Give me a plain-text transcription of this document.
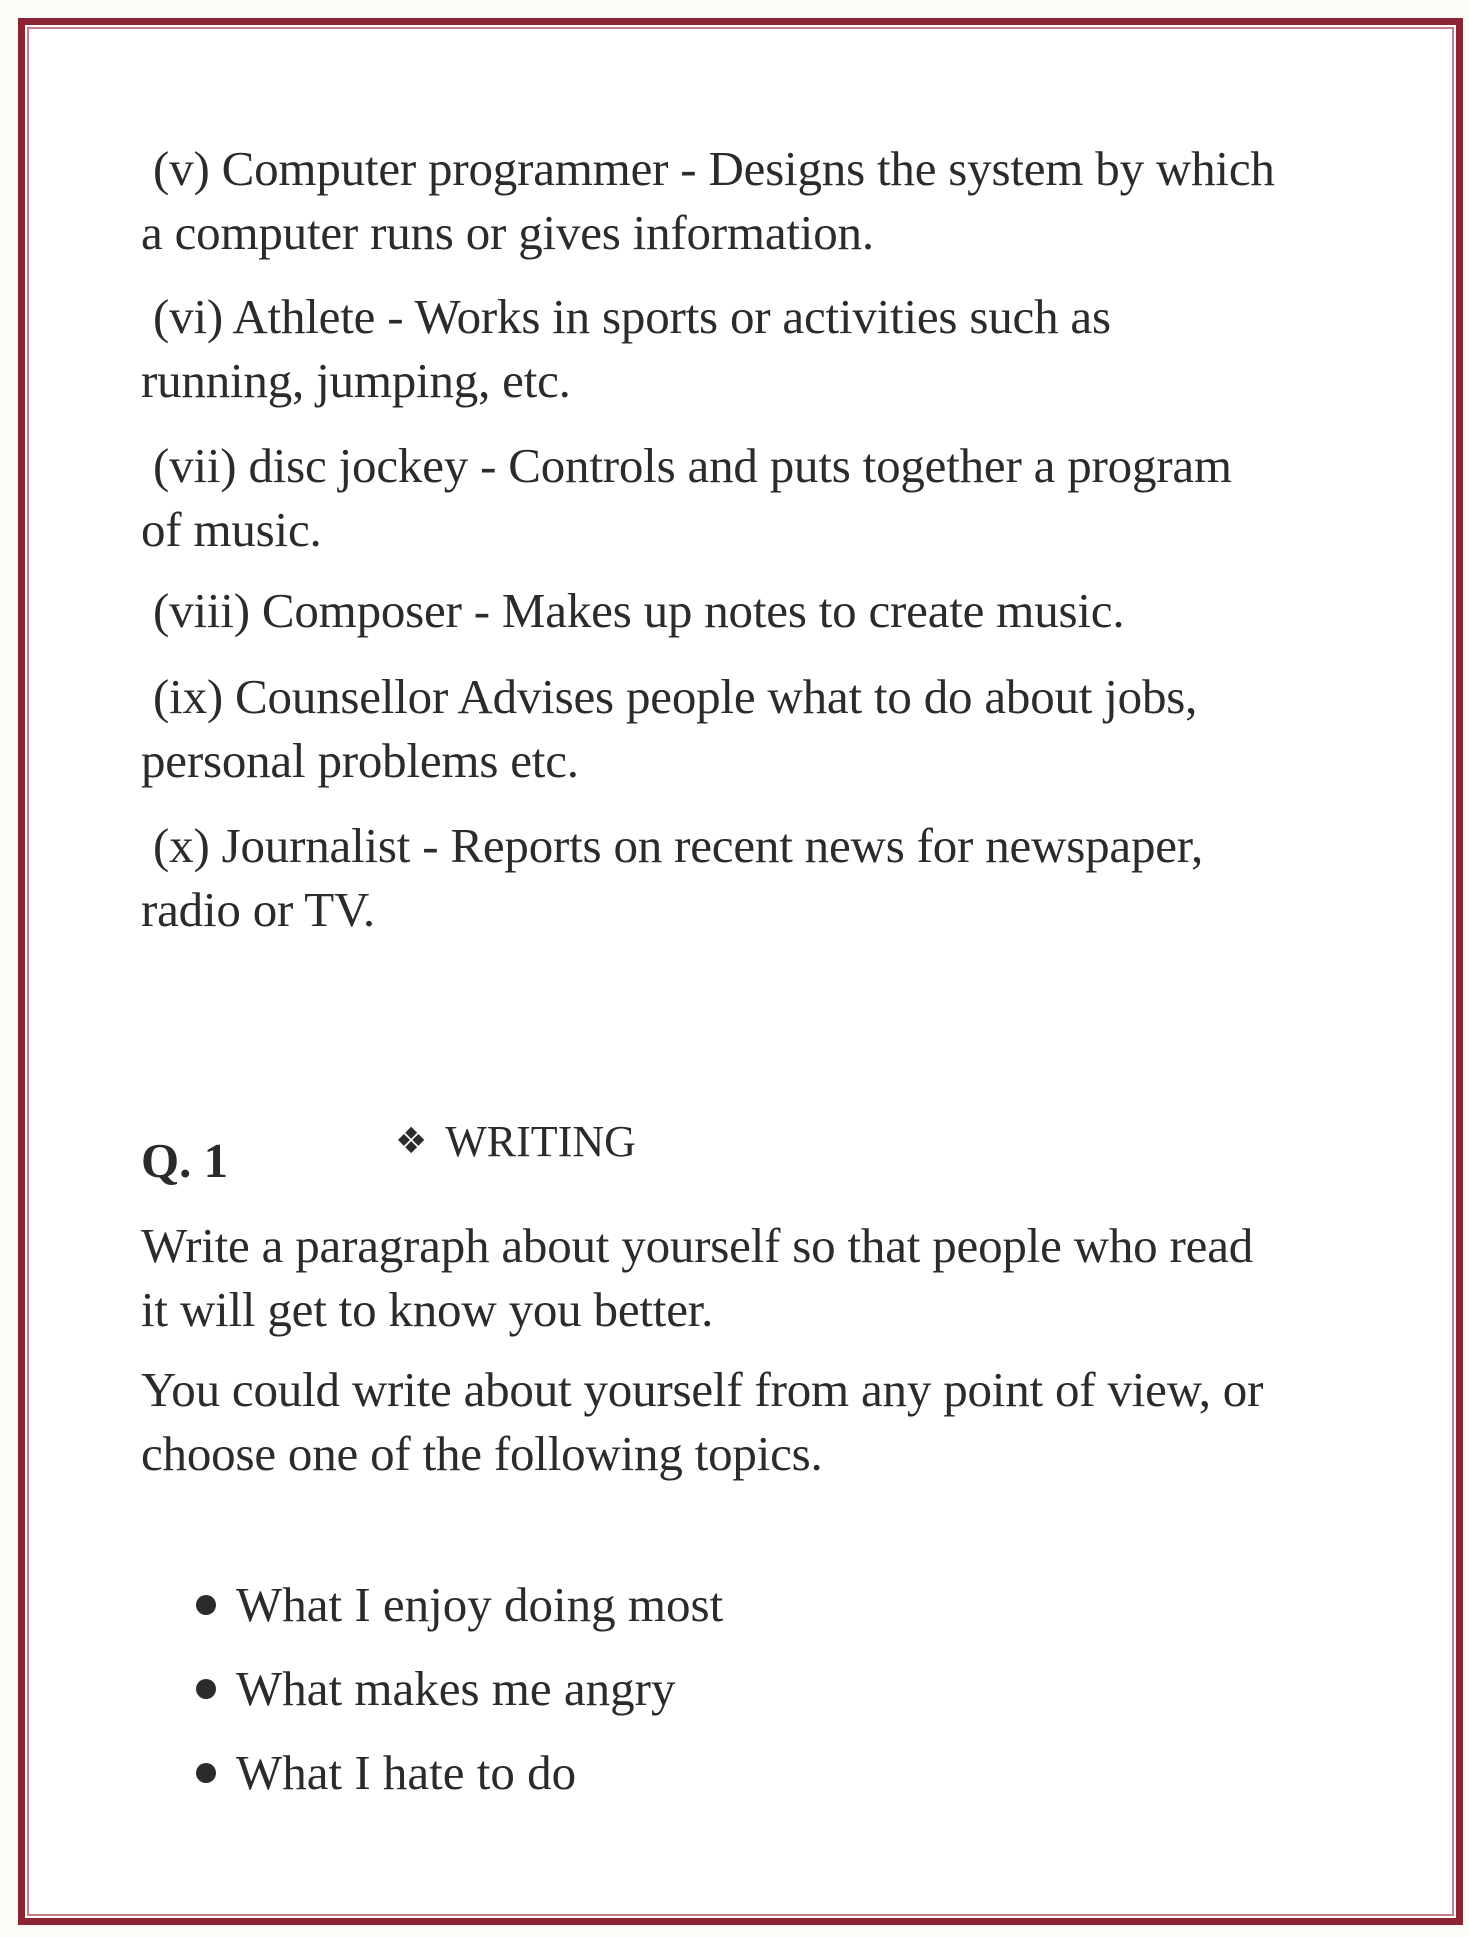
(v) Computer programmer - Designs the system by which
a computer runs or gives information.
(vi) Athlete - Works in sports or activities such as
running, jumping, etc.
(vii) disc jockey - Controls and puts together a program
of music.
(viii) Composer - Makes up notes to create music.
(ix) Counsellor Advises people what to do about jobs,
personal problems etc.
(x) Journalist - Reports on recent news for newspaper,
radio or TV.

❖ WRITING

Q. 1
Write a paragraph about yourself so that people who read
it will get to know you better.
You could write about yourself from any point of view, or
choose one of the following topics.

What I enjoy doing most

What makes me angry

What I hate to do
